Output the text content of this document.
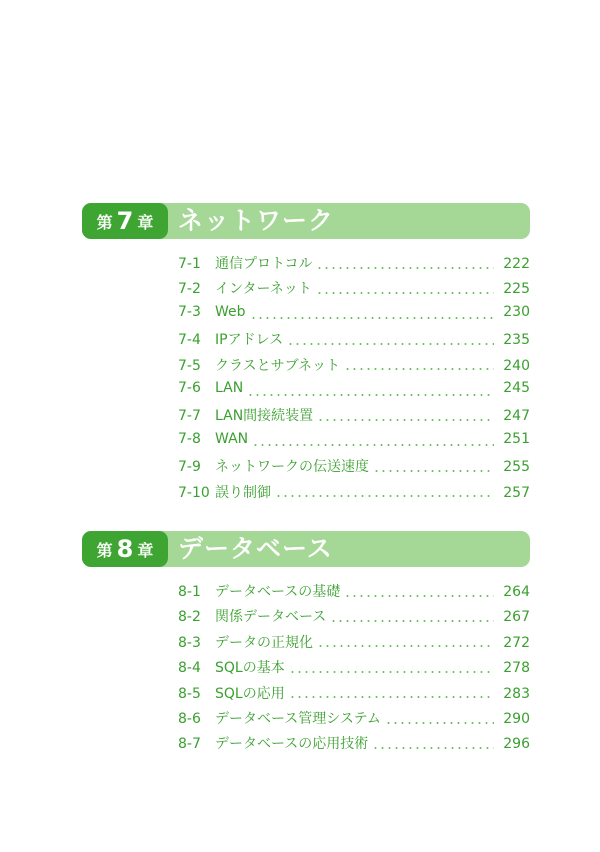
第 7 章 ネットワーク
7-1	通信プロトコル	222
7-2	インターネット	225
7-3	Web	230
7-4	IPアドレス	235
7-5	クラスとサブネット	240
7-6	LAN	245
7-7	LAN間接続装置	247
7-8	WAN	251
7-9	ネットワークの伝送速度	255
7-10 誤り制御	257
第 8 章 データベース
8-1	データベースの基礎	264
8-2	関係データベース	267
8-3	データの正規化	272
8-4	SQLの基本	278
8-5	SQLの応用	283
8-6	データベース管理システム	290
8-7	データベースの応用技術	296
